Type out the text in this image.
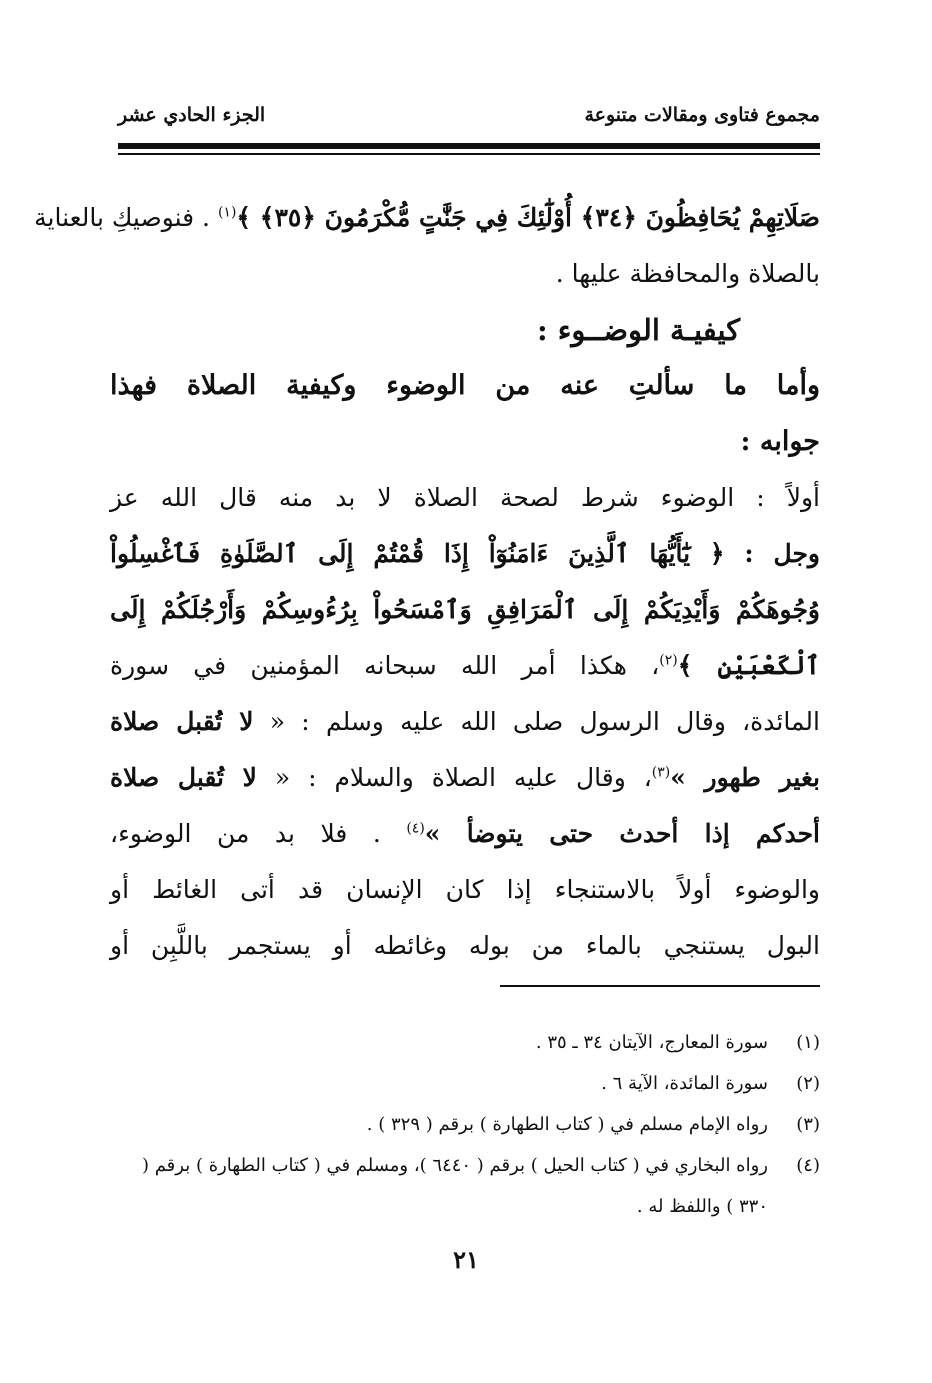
مجموع فتاوى ومقالات متنوعة
الجزء الحادي عشر
صَلَاتِهِمْ يُحَافِظُونَ ﴿٣٤﴾ أُوْلَٰٓئِكَ فِي جَنَّٰتٍ مُّكْرَمُونَ ﴿٣٥﴾ ﴾$^{(١)}$ . فنوصيكِ بالعناية
بالصلاة والمحافظة عليها .
كيفيـة الوضــوء :
وأما ما سألتِ عنه من الوضوء وكيفية الصلاة فهذا
جوابه :
أولاً : الوضوء شرط لصحة الصلاة لا بد منه قال الله عز
وجل : ﴿ يَٰٓأَيُّهَا ٱلَّذِينَ ءَامَنُوٓاْ إِذَا قُمْتُمْ إِلَى ٱلصَّلَوٰةِ فَٱغْسِلُواْ
وُجُوهَكُمْ وَأَيْدِيَكُمْ إِلَى ٱلْمَرَافِقِ وَٱمْسَحُواْ بِرُءُوسِكُمْ وَأَرْجُلَكُمْ إِلَى
ٱلْكَعْبَيْنِ ﴾$^{(٢)}$، هكذا أمر الله سبحانه المؤمنين في سورة
المائدة، وقال الرسول صلى الله عليه وسلم : « لا تُقبل صلاة
بغير طهور »$^{(٣)}$، وقال عليه الصلاة والسلام : « لا تُقبل صلاة
أحدكم إذا أحدث حتى يتوضأ »$^{(٤)}$ . فلا بد من الوضوء،
والوضوء أولاً بالاستنجاء إذا كان الإنسان قد أتى الغائط أو
البول يستنجي بالماء من بوله وغائطه أو يستجمر باللَّبِن أو
(١)
سورة المعارج، الآيتان ٣٤ ـ ٣٥ .
(٢)
سورة المائدة، الآية ٦ .
(٣)
رواه الإمام مسلم في ( كتاب الطهارة ) برقم ( ٣٢٩ ) .
(٤)
رواه البخاري في ( كتاب الحيل ) برقم ( ٦٤٤٠ )، ومسلم في ( كتاب الطهارة ) برقم ( ٣٣٠ ) واللفظ له .
٢١
